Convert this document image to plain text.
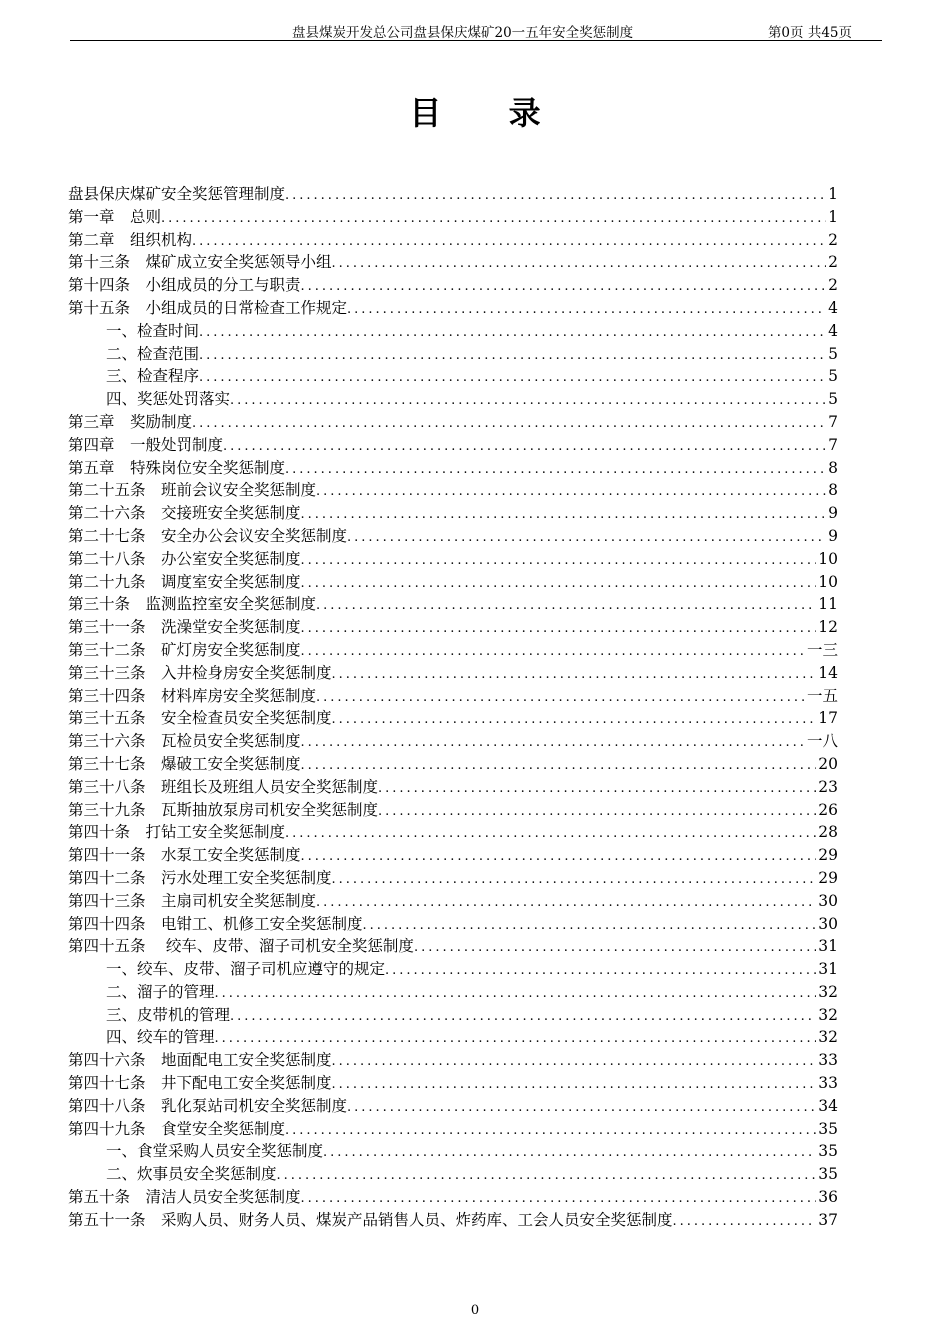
盘县煤炭开发总公司盘县保庆煤矿20一五年安全奖惩制度	第0页 共45页
目 录
盘县保庆煤矿安全奖惩管理制度 .....	1
第一章　总则 .....	1
第二章　组织机构 .....	2
第十三条　煤矿成立安全奖惩领导小组 .....	2
第十四条　小组成员的分工与职责 .....	2
第十五条　小组成员的日常检查工作规定 .....	4
一、检查时间 .....	4
二、检查范围 .....	5
三、检查程序 .....	5
四、奖惩处罚落实 .....	5
第三章　奖励制度 .....	7
第四章　一般处罚制度 .....	7
第五章　特殊岗位安全奖惩制度 .....	8
第二十五条　班前会议安全奖惩制度 .....	8
第二十六条　交接班安全奖惩制度 .....	9
第二十七条　安全办公会议安全奖惩制度 .....	9
第二十八条　办公室安全奖惩制度 .....	10
第二十九条　调度室安全奖惩制度 .....	10
第三十条　监测监控室安全奖惩制度 .....	11
第三十一条　洗澡堂安全奖惩制度 .....	12
第三十二条　矿灯房安全奖惩制度 .....	一三
第三十三条　入井检身房安全奖惩制度 .....	14
第三十四条　材料库房安全奖惩制度 .....	一五
第三十五条　安全检查员安全奖惩制度 .....	17
第三十六条　瓦检员安全奖惩制度 .....	一八
第三十七条　爆破工安全奖惩制度 .....	20
第三十八条　班组长及班组人员安全奖惩制度 .....	23
第三十九条　瓦斯抽放泵房司机安全奖惩制度 .....	26
第四十条　打钻工安全奖惩制度 .....	28
第四十一条　水泵工安全奖惩制度 .....	29
第四十二条　污水处理工安全奖惩制度 .....	29
第四十三条　主扇司机安全奖惩制度 .....	30
第四十四条　电钳工、机修工安全奖惩制度 .....	30
第四十五条　 绞车、皮带、溜子司机安全奖惩制度 .....	31
一、绞车、皮带、溜子司机应遵守的规定 .....	31
二、溜子的管理 .....	32
三、皮带机的管理 .....	32
四、绞车的管理 .....	32
第四十六条　地面配电工安全奖惩制度 .....	33
第四十七条　井下配电工安全奖惩制度 .....	33
第四十八条　乳化泵站司机安全奖惩制度 .....	34
第四十九条　食堂安全奖惩制度 .....	35
一、食堂采购人员安全奖惩制度 .....	35
二、炊事员安全奖惩制度 .....	35
第五十条　清洁人员安全奖惩制度 .....	36
第五十一条　采购人员、财务人员、煤炭产品销售人员、炸药库、工会人员安全奖惩制度 .....	37
0
